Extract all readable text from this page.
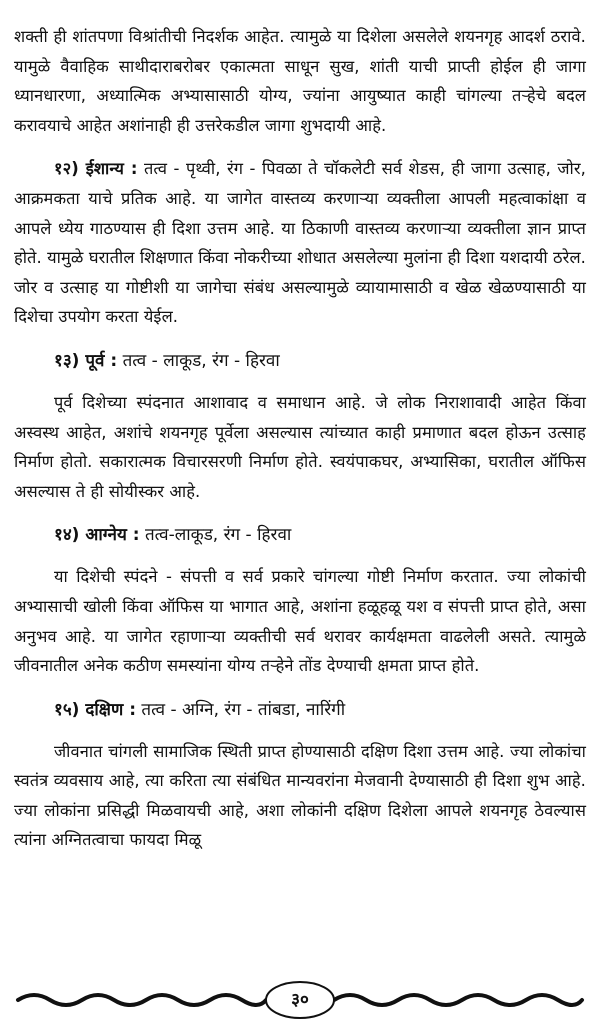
शक्ती ही शांतपणा विश्रांतीची निदर्शक आहेत. त्यामुळे या दिशेला असलेले शयनगृह आदर्श ठरावे. यामुळे वैवाहिक साथीदाराबरोबर एकात्मता साधून सुख, शांती याची प्राप्ती होईल ही जागा ध्यानधारणा, अध्यात्मिक अभ्यासासाठी योग्य, ज्यांना आयुष्यात काही चांगल्या तऱ्हेचे बदल करावयाचे आहेत अशांनाही ही उत्तरेकडील जागा शुभदायी आहे.

१२) ईशान्य : तत्व - पृथ्वी, रंग - पिवळा ते चॉकलेटी सर्व शेडस, ही जागा उत्साह, जोर, आक्रमकता याचे प्रतिक आहे. या जागेत वास्तव्य करणाऱ्या व्यक्तीला आपली महत्वाकांक्षा व आपले ध्येय गाठण्यास ही दिशा उत्तम आहे. या ठिकाणी वास्तव्य करणाऱ्या व्यक्तीला ज्ञान प्राप्त होते. यामुळे घरातील शिक्षणात किंवा नोकरीच्या शोधात असलेल्या मुलांना ही दिशा यशदायी ठरेल. जोर व उत्साह या गोष्टीशी या जागेचा संबंध असल्यामुळे व्यायामासाठी व खेळ खेळण्यासाठी या दिशेचा उपयोग करता येईल.

१३) पूर्व : तत्व - लाकूड, रंग - हिरवा

पूर्व दिशेच्या स्पंदनात आशावाद व समाधान आहे. जे लोक निराशावादी आहेत किंवा अस्वस्थ आहेत, अशांचे शयनगृह पूर्वेला असल्यास त्यांच्यात काही प्रमाणात बदल होऊन उत्साह निर्माण होतो. सकारात्मक विचारसरणी निर्माण होते. स्वयंपाकघर, अभ्यासिका, घरातील ऑफिस असल्यास ते ही सोयीस्कर आहे.

१४) आग्नेय : तत्व-लाकूड, रंग - हिरवा

या दिशेची स्पंदने - संपत्ती व सर्व प्रकारे चांगल्या गोष्टी निर्माण करतात. ज्या लोकांची अभ्यासाची खोली किंवा ऑफिस या भागात आहे, अशांना हळूहळू यश व संपत्ती प्राप्त होते, असा अनुभव आहे. या जागेत रहाणाऱ्या व्यक्तीची सर्व थरावर कार्यक्षमता वाढलेली असते. त्यामुळे जीवनातील अनेक कठीण समस्यांना योग्य तऱ्हेने तोंड देण्याची क्षमता प्राप्त होते.

१५) दक्षिण : तत्व - अग्नि, रंग - तांबडा, नारिंगी

जीवनात चांगली सामाजिक स्थिती प्राप्त होण्यासाठी दक्षिण दिशा उत्तम आहे. ज्या लोकांचा स्वतंत्र व्यवसाय आहे, त्या करिता त्या संबंधित मान्यवरांना मेजवानी देण्यासाठी ही दिशा शुभ आहे. ज्या लोकांना प्रसिद्धी मिळवायची आहे, अशा लोकांनी दक्षिण दिशेला आपले शयनगृह ठेवल्यास त्यांना अग्नितत्वाचा फायदा मिळू

३०
